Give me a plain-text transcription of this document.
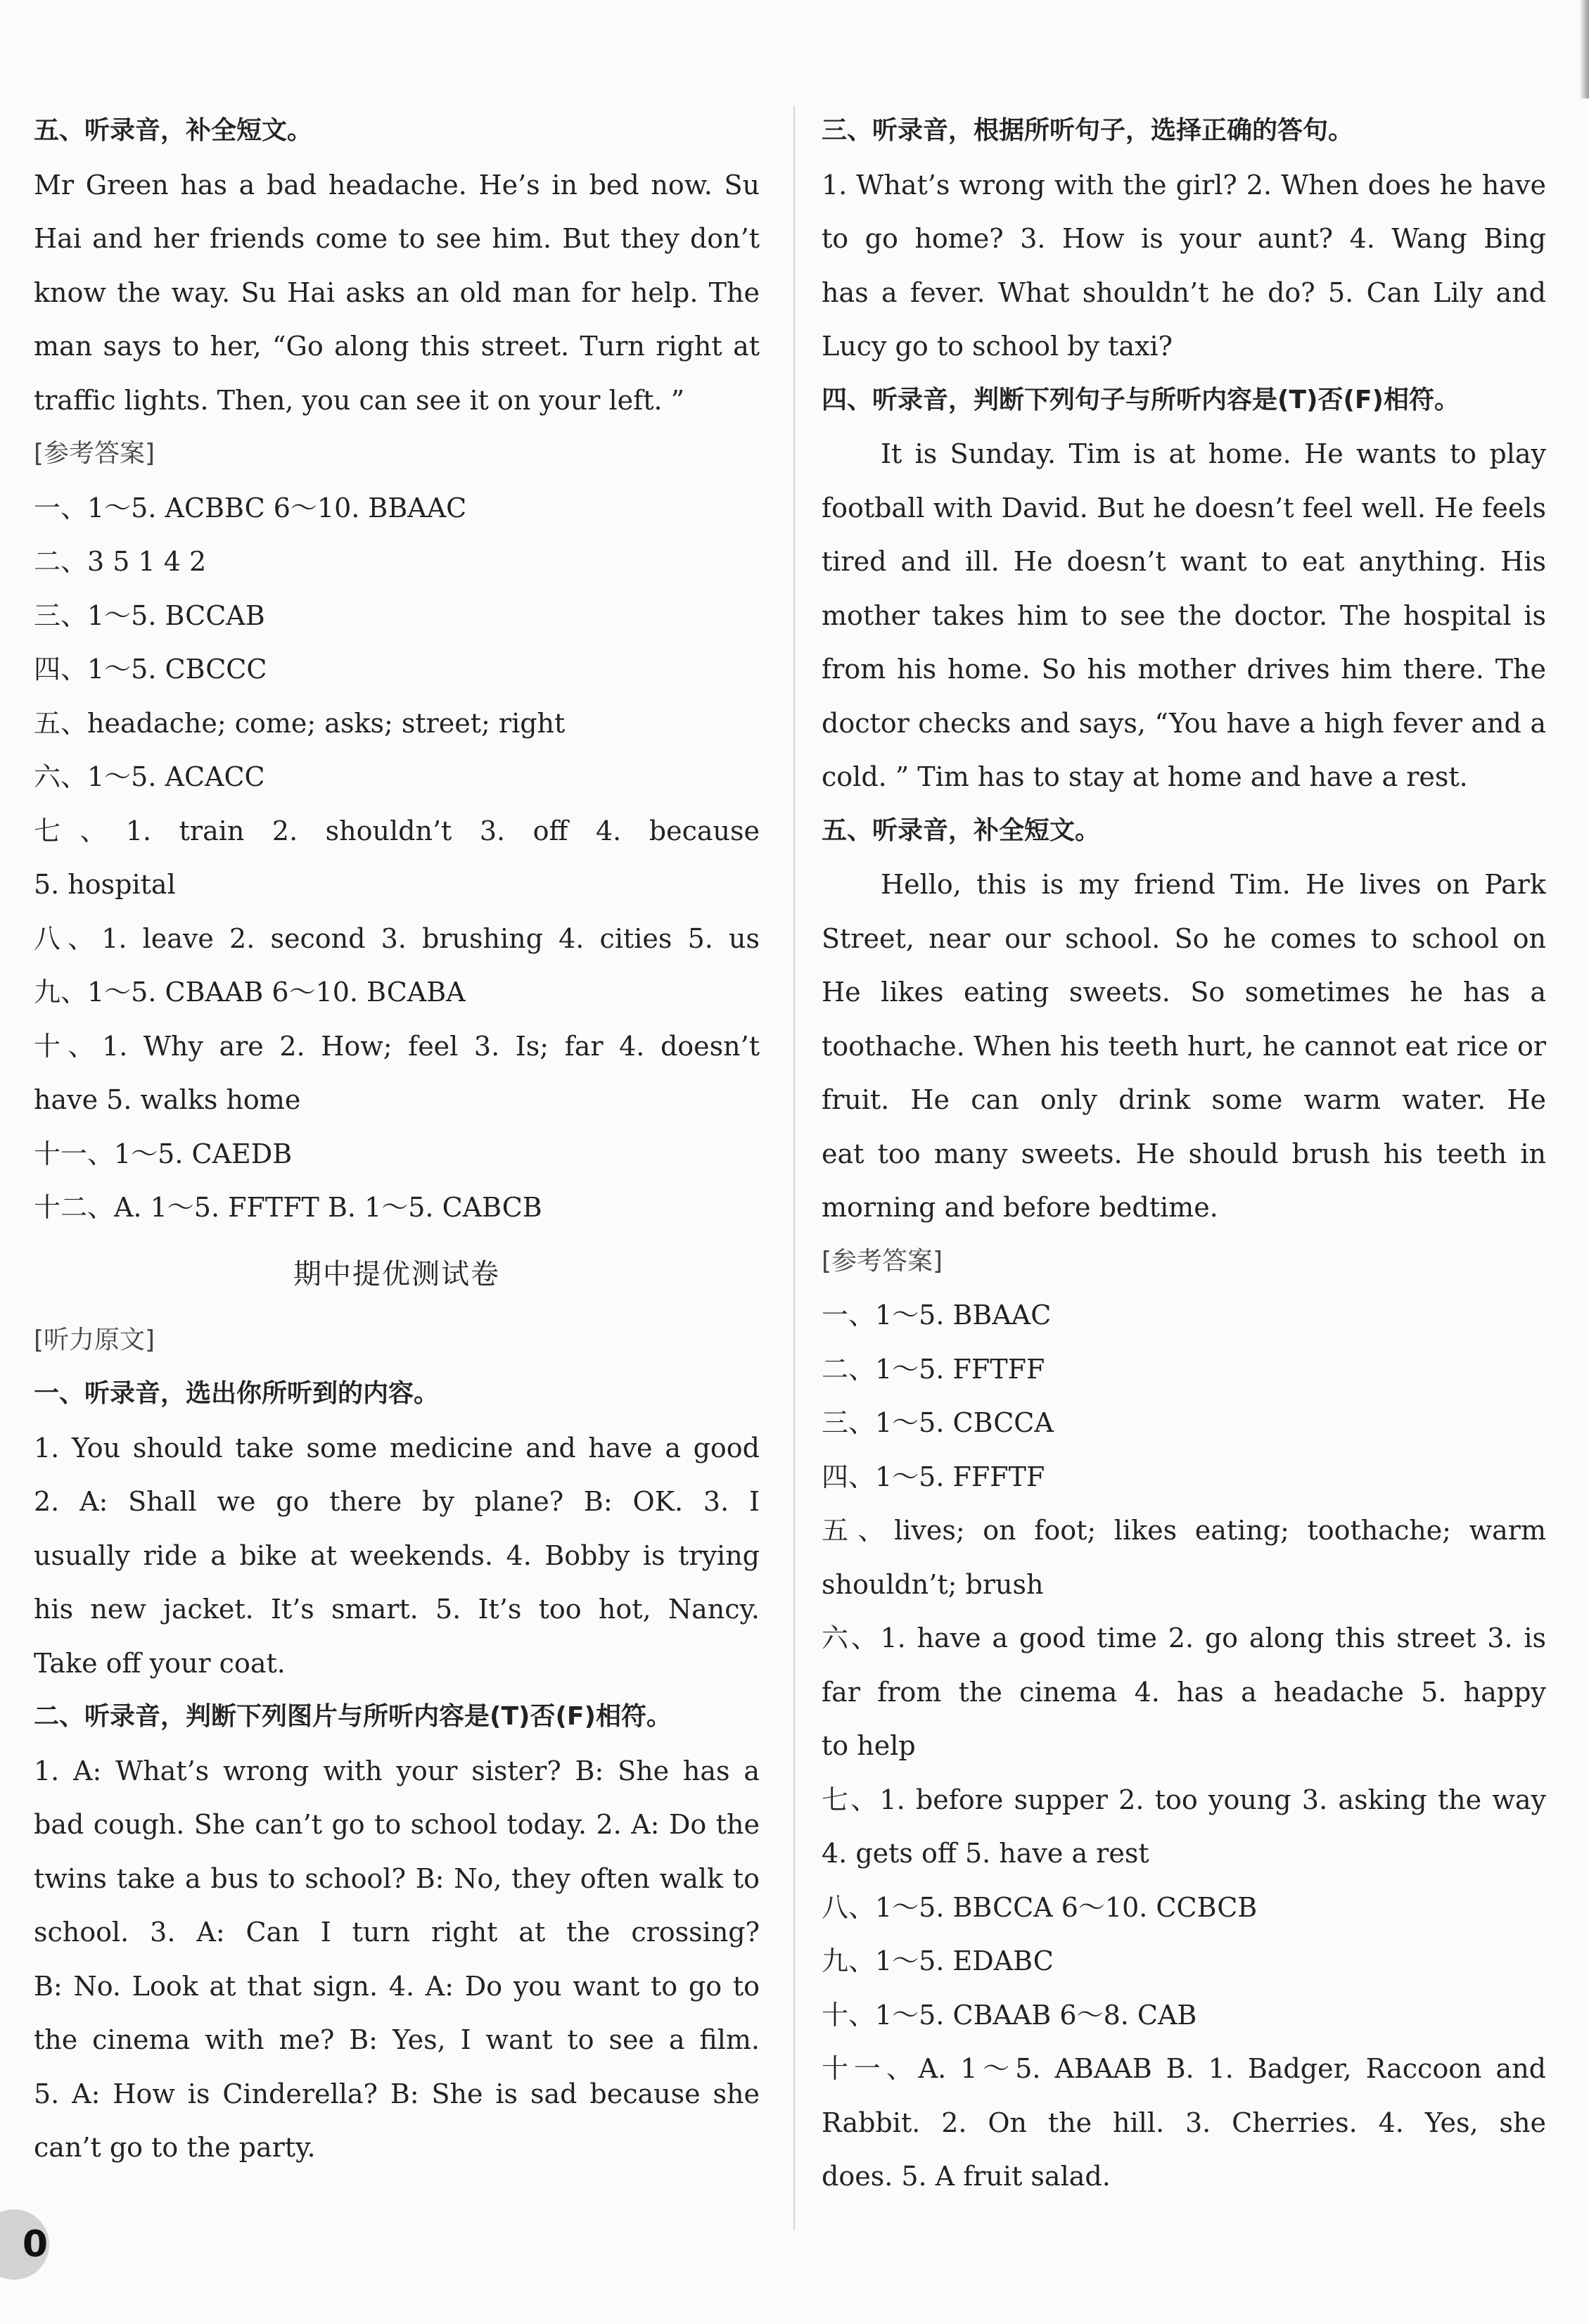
五、听录音，补全短文。
Mr Green has a bad headache. He’s in bed now. Su
Hai and her friends come to see him. But they don’t
know the way. Su Hai asks an old man for help. The
man says to her, “Go along this street. Turn right at
traffic lights. Then, you can see it on your left. ”
[参考答案]
一、1～5. ACBBC 6～10. BBAAC
二、3 5 1 4 2
三、1～5. BCCAB
四、1～5. CBCCC
五、headache; come; asks; street; right
六、1～5. ACACC
七、1. train 2. shouldn’t 3. off 4. because
5. hospital
八、1. leave 2. second 3. brushing 4. cities 5. us
九、1～5. CBAAB 6～10. BCABA
十、1. Why are 2. How; feel 3. Is; far 4. doesn’t
have 5. walks home
十一、1～5. CAEDB
十二、A. 1～5. FFTFT B. 1～5. CABCB
期中提优测试卷
[听力原文]
一、听录音，选出你所听到的内容。
1. You should take some medicine and have a good
2. A: Shall we go there by plane? B: OK. 3. I
usually ride a bike at weekends. 4. Bobby is trying
his new jacket. It’s smart. 5. It’s too hot, Nancy.
Take off your coat.
二、听录音，判断下列图片与所听内容是(T)否(F)相符。
1. A: What’s wrong with your sister? B: She has a
bad cough. She can’t go to school today. 2. A: Do the
twins take a bus to school? B: No, they often walk to
school. 3. A: Can I turn right at the crossing?
B: No. Look at that sign. 4. A: Do you want to go to
the cinema with me? B: Yes, I want to see a film.
5. A: How is Cinderella? B: She is sad because she
can’t go to the party.
三、听录音，根据所听句子，选择正确的答句。
1. What’s wrong with the girl? 2. When does he have
to go home? 3. How is your aunt? 4. Wang Bing
has a fever. What shouldn’t he do? 5. Can Lily and
Lucy go to school by taxi?
四、听录音，判断下列句子与所听内容是(T)否(F)相符。
It is Sunday. Tim is at home. He wants to play
football with David. But he doesn’t feel well. He feels
tired and ill. He doesn’t want to eat anything. His
mother takes him to see the doctor. The hospital is
from his home. So his mother drives him there. The
doctor checks and says, “You have a high fever and a
cold. ” Tim has to stay at home and have a rest.
五、听录音，补全短文。
Hello, this is my friend Tim. He lives on Park
Street, near our school. So he comes to school on
He likes eating sweets. So sometimes he has a
toothache. When his teeth hurt, he cannot eat rice or
fruit. He can only drink some warm water. He
eat too many sweets. He should brush his teeth in
morning and before bedtime.
[参考答案]
一、1～5. BBAAC
二、1～5. FFTFF
三、1～5. CBCCA
四、1～5. FFFTF
五、lives; on foot; likes eating; toothache; warm
shouldn’t; brush
六、1. have a good time 2. go along this street 3. is
far from the cinema 4. has a headache 5. happy
to help
七、1. before supper 2. too young 3. asking the way
4. gets off 5. have a rest
八、1～5. BBCCA 6～10. CCBCB
九、1～5. EDABC
十、1～5. CBAAB 6～8. CAB
十一、A. 1～5. ABAAB B. 1. Badger, Raccoon and
Rabbit. 2. On the hill. 3. Cherries. 4. Yes, she
does. 5. A fruit salad.
0
